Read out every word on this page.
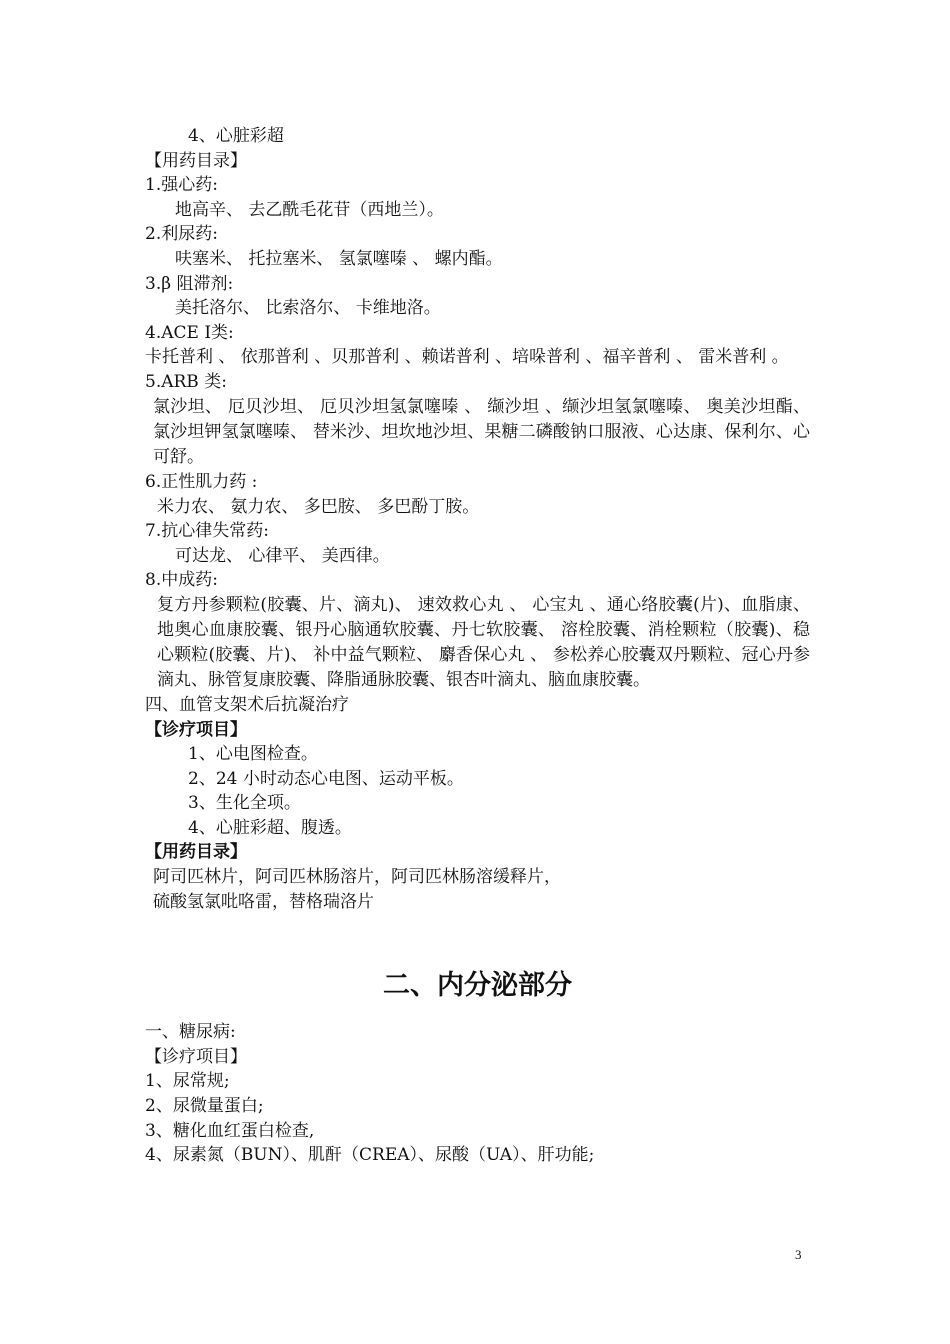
4、心脏彩超

【用药目录】

1.强心药:

地高辛、 去乙酰毛花苷（西地兰）。

2.利尿药:

呋塞米、 托拉塞米、 氢氯噻嗪 、 螺内酯。

3.β 阻滞剂:

美托洛尔、 比索洛尔、 卡维地洛。

4.ACE Ⅰ类:

卡托普利 、 依那普利 、贝那普利 、赖诺普利 、培哚普利 、福辛普利 、 雷米普利 。

5.ARB 类:

氯沙坦、 厄贝沙坦、 厄贝沙坦氢氯噻嗪 、 缬沙坦 、缬沙坦氢氯噻嗪、 奥美沙坦酯、 氯沙坦钾氢氯噻嗪、 替米沙、坦坎地沙坦、果糖二磷酸钠口服液、心达康、保利尔、心可舒。

6.正性肌力药 :

米力农、 氨力农、 多巴胺、 多巴酚丁胺。

7.抗心律失常药:

可达龙、 心律平、 美西律。

8.中成药:

复方丹参颗粒(胶囊、片、滴丸)、 速效救心丸 、 心宝丸 、通心络胶囊(片)、血脂康、 地奥心血康胶囊、银丹心脑通软胶囊、丹七软胶囊、 溶栓胶囊、消栓颗粒（胶囊)、稳心颗粒(胶囊、片)、 补中益气颗粒、 麝香保心丸 、 参松养心胶囊双丹颗粒、冠心丹参滴丸、脉管复康胶囊、降脂通脉胶囊、银杏叶滴丸、脑血康胶囊。

四、血管支架术后抗凝治疗

【诊疗项目】

1、心电图检查。

2、24 小时动态心电图、运动平板。

3、生化全项。

4、心脏彩超、腹透。

【用药目录】

阿司匹林片，阿司匹林肠溶片，阿司匹林肠溶缓释片，

硫酸氢氯吡咯雷，替格瑞洛片

二、内分泌部分

一、糖尿病:

【诊疗项目】

1、尿常规;

2、尿微量蛋白;

3、糖化血红蛋白检查,

4、尿素氮（BUN）、肌酐（CREA）、尿酸（UA）、肝功能;

3
